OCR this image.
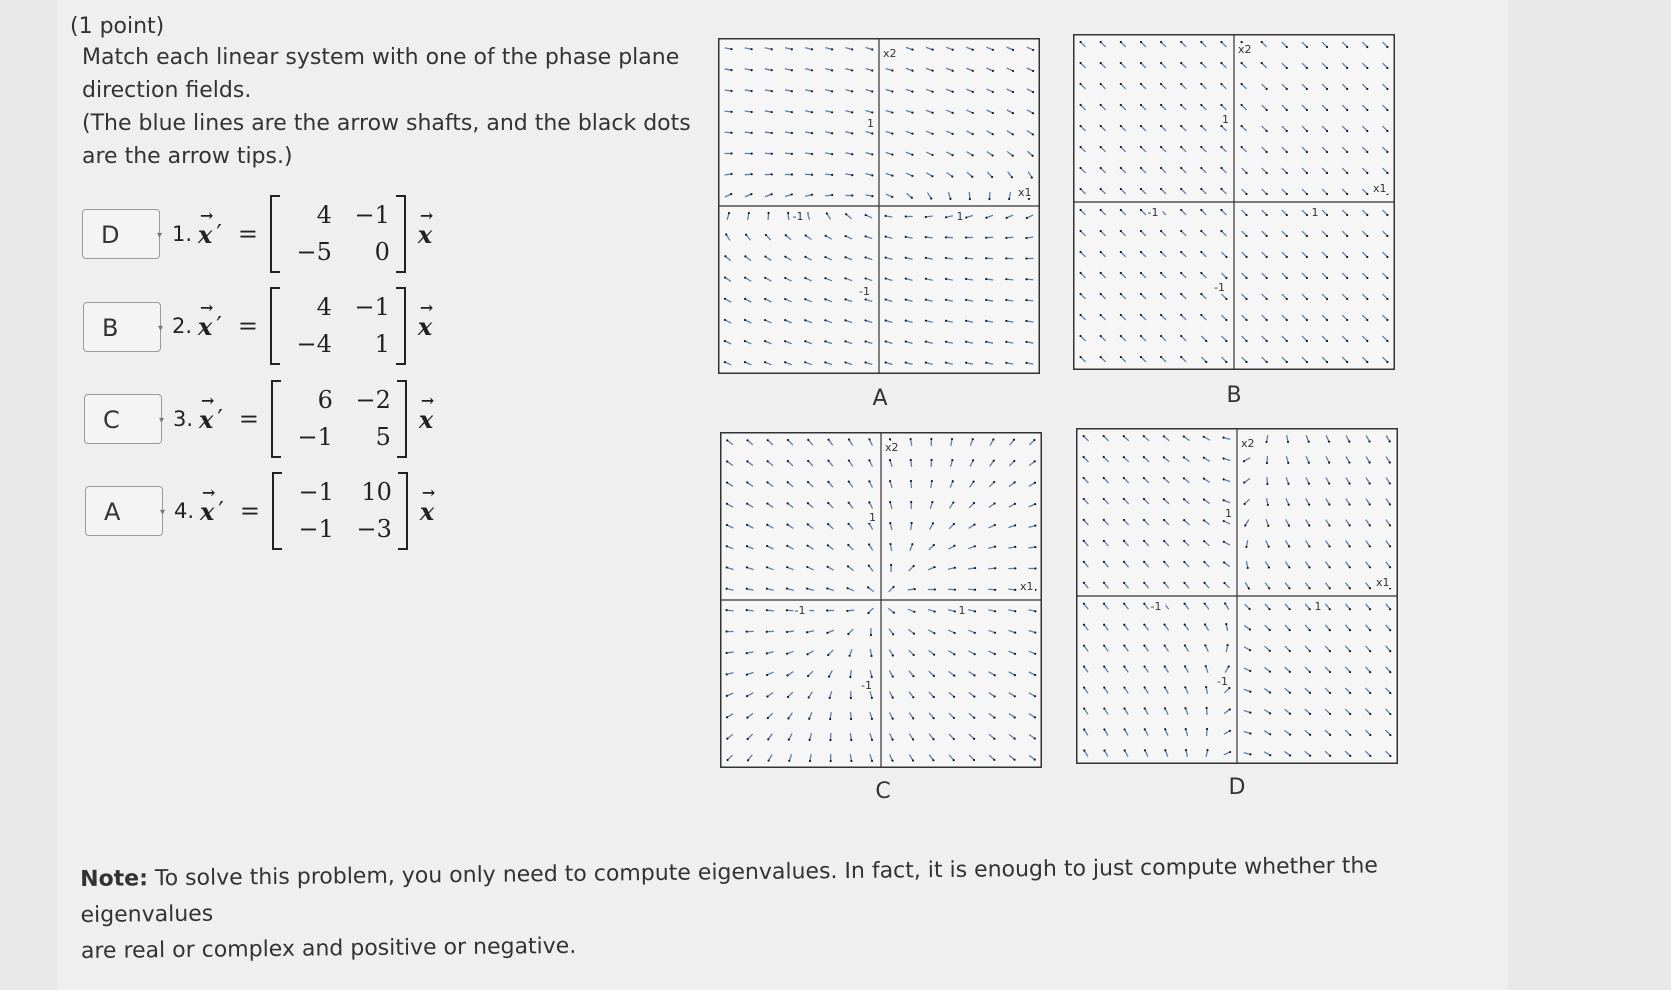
(1 point)
Match each linear system with one of the phase plane
direction fields.
(The blue lines are the arrow shafts, and the black dots
are the arrow tips.)
D	▾ 1.
→
x ′ =
4 −1
−5	0
→
x
B	▾ 2.
→
x ′ =
4 −1
−4	1
→
x
C	▾ 3.
→
x ′ =
6 −2
−1	5
→
x
A	▾ 4.
→
x ′ =
−1	10
−1 −3
→
x
x2
x1
1
-1
1
-1
x2
x1
1
-1
1
-1
x2
x1
1
-1
1
-1
x2
x1
1
-1
1
-1
A	B
C	D
Note: To solve this problem, you only need to compute eigenvalues. In fact, it is enough to just compute whether the eigenvalues
are real or complex and positive or negative.
